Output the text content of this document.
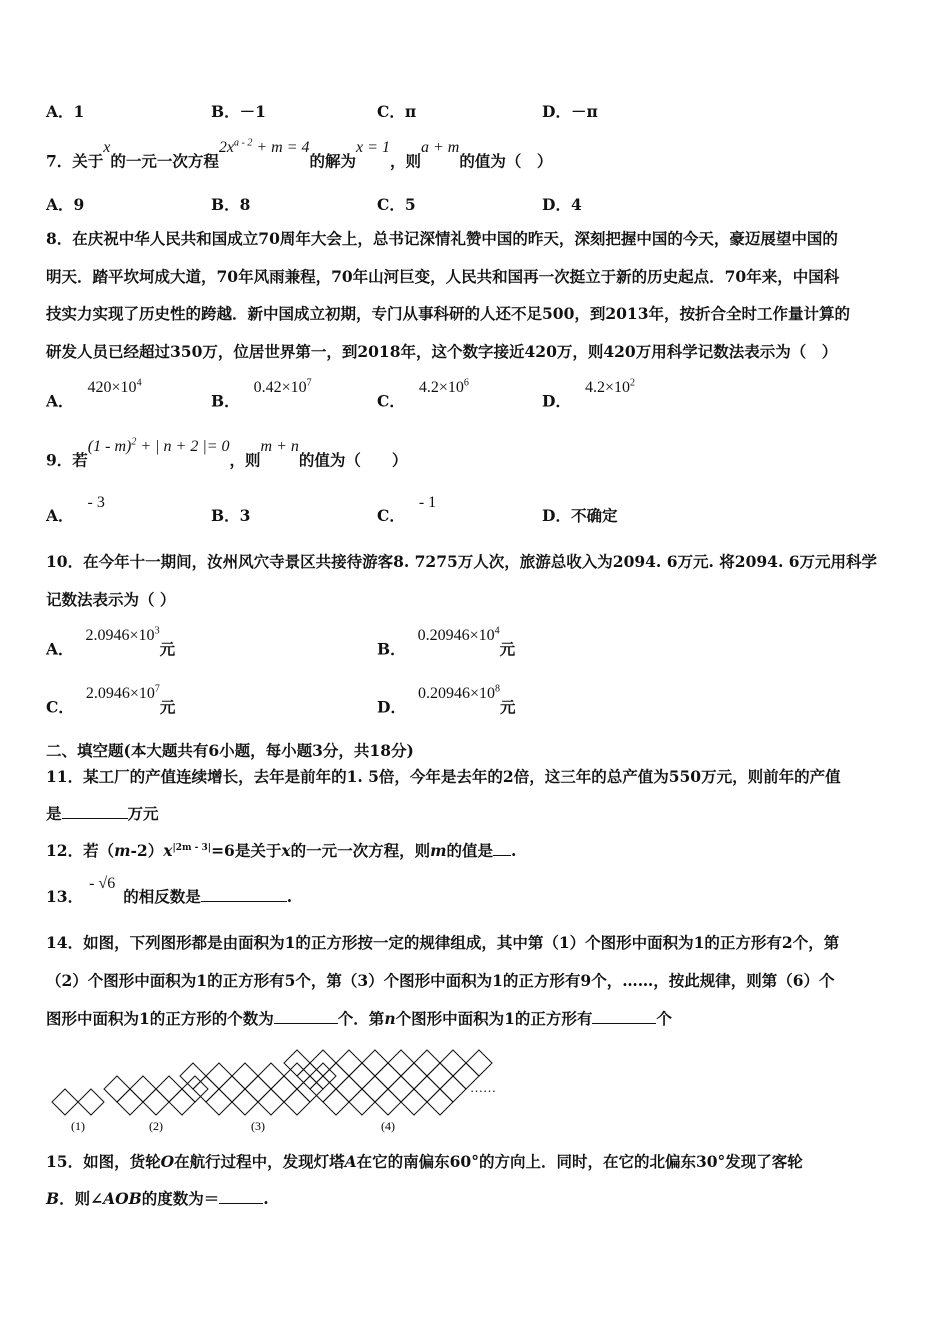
A．1	B．－1	C．π	D．－π
7．关于x的一元一次方程$2x^{a - 2} + m = 4$的解为x = 1，则a + m的值为（　）
A．9	B．8	C．5	D．4
8．在庆祝中华人民共和国成立70周年大会上，总书记深情礼赞中国的昨天，深刻把握中国的今天，豪迈展望中国的
明天．踏平坎坷成大道，70年风雨兼程，70年山河巨变，人民共和国再一次挺立于新的历史起点．70年来，中国科
技实力实现了历史性的跨越．新中国成立初期，专门从事科研的人还不足500，到2013年，按折合全时工作量计算的
研发人员已经超过350万，位居世界第一，到2018年，这个数字接近420万，则420万用科学记数法表示为（　）
A．$420\times 10^4$
B．$0.42\times 10^7$
C．$4.2\times 10^6$
D．$4.2\times 10^2$
9．若(1 - m)$^2$ + | n + 2 |= 0，则m + n的值为（　　）
A．- 3
B．3	C．- 1
D．不确定
10．在今年十一期间，汝州风穴寺景区共接待游客8. 7275万人次，旅游总收入为2094. 6万元. 将2094. 6万元用科学
记数法表示为（ ）
A．$2.0946\times 10^3$元	B．$0.20946\times 10^4$元
C．$2.0946\times 10^7$元	D．$0.20946\times 10^8$元
二、填空题(本大题共有6小题，每小题3分，共18分)
11．某工厂的产值连续增长，去年是前年的1. 5倍，今年是去年的2倍，这三年的总产值为550万元，则前年的产值
是	万元
12．若$(m-2)x^{|2m - 3|}=6$是关于x的一元一次方程，则m的值是 .
13．- √6的相反数是	.
14．如图，下列图形都是由面积为1的正方形按一定的规律组成，其中第（1）个图形中面积为1的正方形有2个，第
（2）个图形中面积为1的正方形有5个，第（3）个图形中面积为1的正方形有9个，……，按此规律，则第（6）个
图形中面积为1的正方形的个数为	个．第n个图形中面积为1的正方形有	个
(1)	(2)	(3)	(4)
……
15．如图，货轮O在航行过程中，发现灯塔A在它的南偏东60°的方向上．同时，在它的北偏东30°发现了客轮
B．则∠AOB的度数为＝	.
